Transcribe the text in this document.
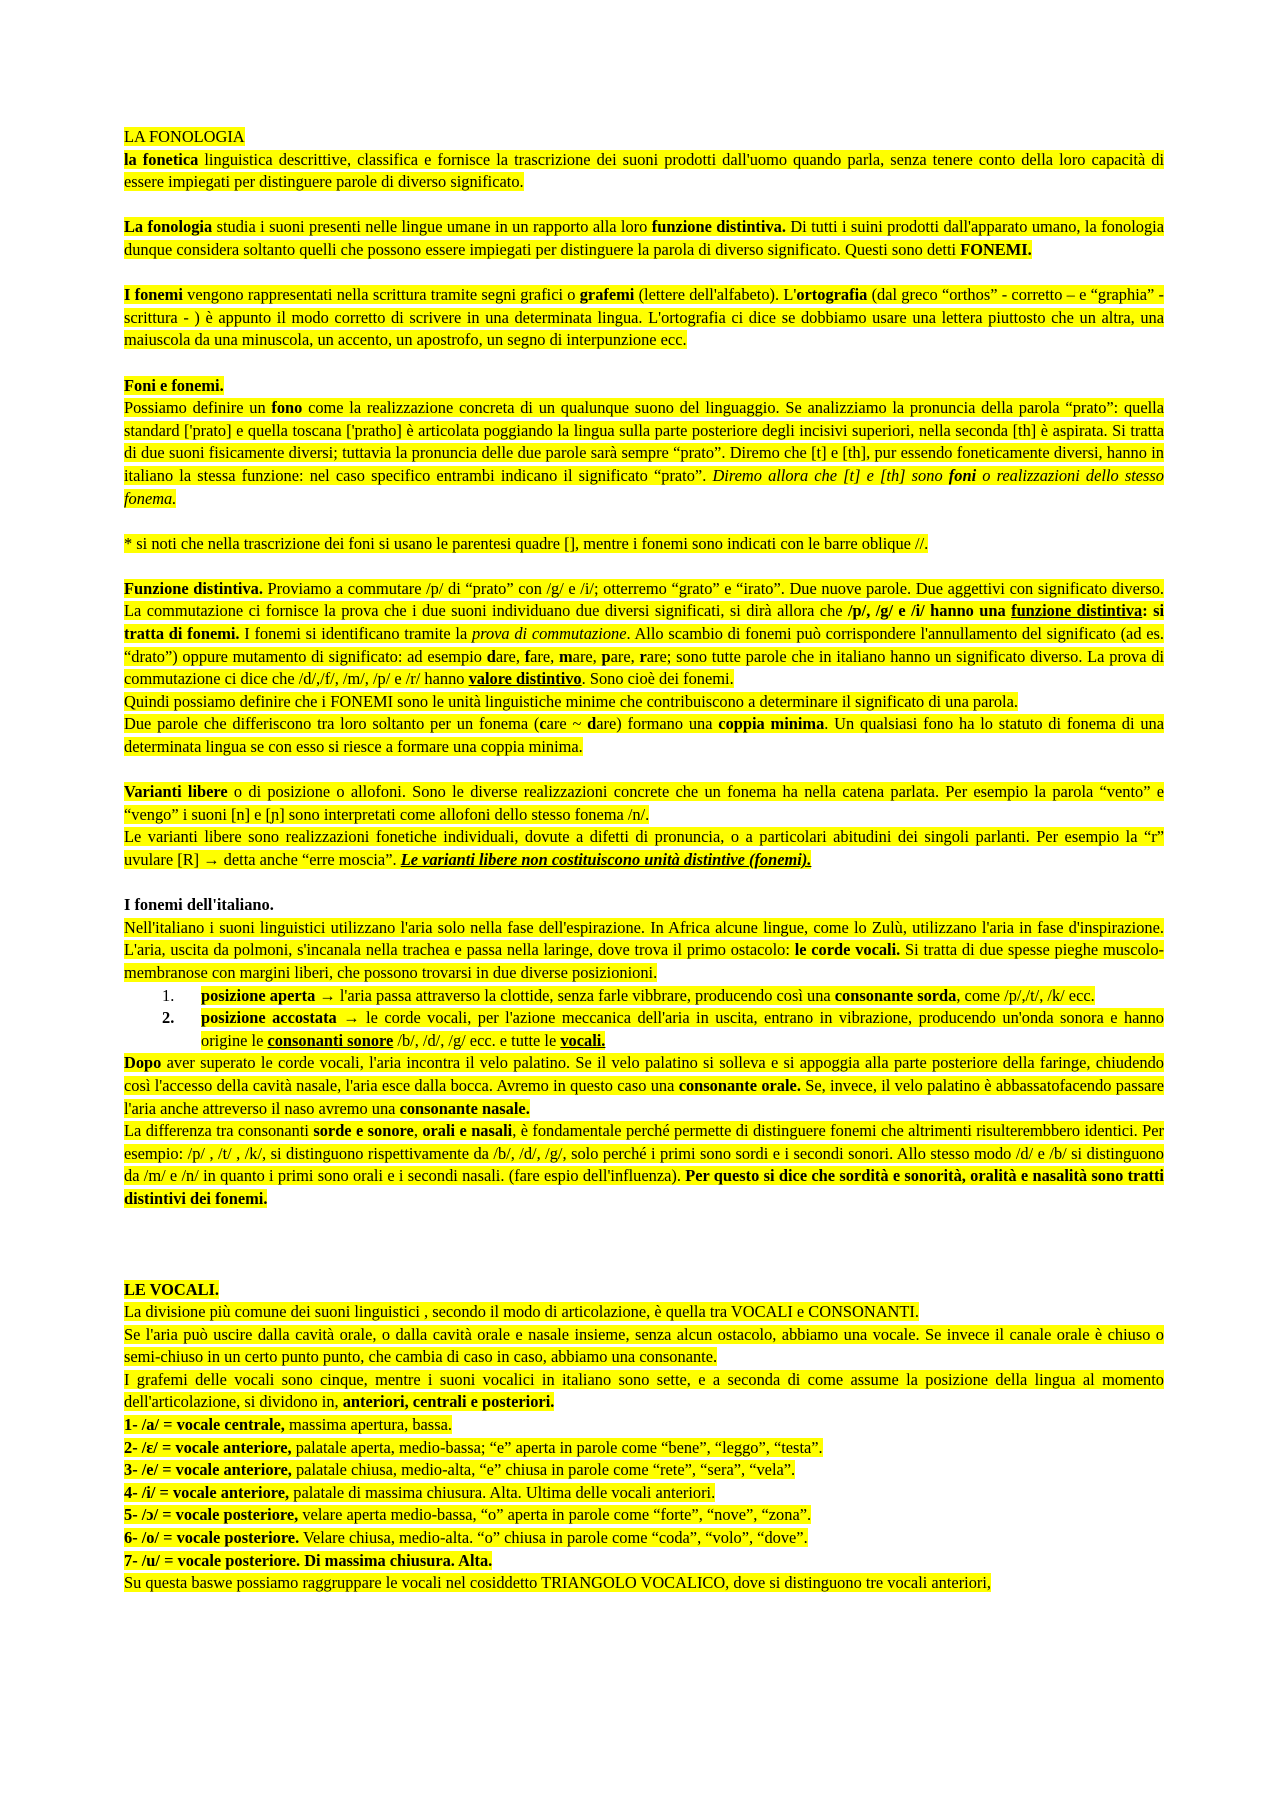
LA FONOLOGIA

la fonetica linguistica descrittive, classifica e fornisce la trascrizione dei suoni prodotti dall'uomo quando parla, senza tenere conto della loro capacità di essere impiegati per distinguere parole di diverso significato.

La fonologia studia i suoni presenti nelle lingue umane in un rapporto alla loro funzione distintiva. Di tutti i suini prodotti dall'apparato umano, la fonologia dunque considera soltanto quelli che possono essere impiegati per distinguere la parola di diverso significato. Questi sono detti FONEMI.

I fonemi vengono rappresentati nella scrittura tramite segni grafici o grafemi (lettere dell'alfabeto). L'ortografia (dal greco “orthos” - corretto – e “graphia” - scrittura - ) è appunto il modo corretto di scrivere in una determinata lingua. L'ortografia ci dice se dobbiamo usare una lettera piuttosto che un altra, una maiuscola da una minuscola, un accento, un apostrofo, un segno di interpunzione ecc.

Foni e fonemi.

Possiamo definire un fono come la realizzazione concreta di un qualunque suono del linguaggio. Se analizziamo la pronuncia della parola “prato”: quella standard ['prato] e quella toscana ['pratho] è articolata poggiando la lingua sulla parte posteriore degli incisivi superiori, nella seconda [th] è aspirata. Si tratta di due suoni fisicamente diversi; tuttavia la pronuncia delle due parole sarà sempre “prato”. Diremo che [t] e [th], pur essendo foneticamente diversi, hanno in italiano la stessa funzione: nel caso specifico entrambi indicano il significato “prato”. Diremo allora che [t] e [th] sono foni o realizzazioni dello stesso fonema.

* si noti che nella trascrizione dei foni si usano le parentesi quadre [], mentre i fonemi sono indicati con le barre oblique //.

Funzione distintiva. Proviamo a commutare /p/ di “prato” con /g/ e /i/; otterremo “grato” e “irato”. Due nuove parole. Due aggettivi con significato diverso. La commutazione ci fornisce la prova che i due suoni individuano due diversi significati, si dirà allora che /p/, /g/ e /i/ hanno una funzione distintiva: si tratta di fonemi. I fonemi si identificano tramite la prova di commutazione. Allo scambio di fonemi può corrispondere l'annullamento del significato (ad es. “drato”) oppure mutamento di significato: ad esempio dare, fare, mare, pare, rare; sono tutte parole che in italiano hanno un significato diverso. La prova di commutazione ci dice che /d/,/f/, /m/, /p/ e /r/ hanno valore distintivo. Sono cioè dei fonemi.

Quindi possiamo definire che i FONEMI sono le unità linguistiche minime che contribuiscono a determinare il significato di una parola.

Due parole che differiscono tra loro soltanto per un fonema (care ~ dare) formano una coppia minima. Un qualsiasi fono ha lo statuto di fonema di una determinata lingua se con esso si riesce a formare una coppia minima.

Varianti libere o di posizione o allofoni. Sono le diverse realizzazioni concrete che un fonema ha nella catena parlata. Per esempio la parola “vento” e “vengo” i suoni [n] e [ɲ] sono interpretati come allofoni dello stesso fonema /n/.

Le varianti libere sono realizzazioni fonetiche individuali, dovute a difetti di pronuncia, o a particolari abitudini dei singoli parlanti. Per esempio la “r” uvulare [R] → detta anche “erre moscia”. Le varianti libere non costituiscono unità distintive (fonemi).

I fonemi dell'italiano.

Nell'italiano i suoni linguistici utilizzano l'aria solo nella fase dell'espirazione. In Africa alcune lingue, come lo Zulù, utilizzano l'aria in fase d'inspirazione. L'aria, uscita da polmoni, s'incanala nella trachea e passa nella laringe, dove trova il primo ostacolo: le corde vocali. Si tratta di due spesse pieghe muscolo-membranose con margini liberi, che possono trovarsi in due diverse posizionioni.

1. posizione aperta → l'aria passa attraverso la clottide, senza farle vibbrare, producendo così una consonante sorda, come /p/,/t/, /k/ ecc.
2. posizione accostata → le corde vocali, per l'azione meccanica dell'aria in uscita, entrano in vibrazione, producendo un'onda sonora e hanno origine le consonanti sonore /b/, /d/, /g/ ecc. e tutte le vocali.

Dopo aver superato le corde vocali, l'aria incontra il velo palatino. Se il velo palatino si solleva e si appoggia alla parte posteriore della faringe, chiudendo così l'accesso della cavità nasale, l'aria esce dalla bocca. Avremo in questo caso una consonante orale. Se, invece, il velo palatino è abbassatofacendo passare l'aria anche attreverso il naso avremo una consonante nasale.

La differenza tra consonanti sorde e sonore, orali e nasali, è fondamentale perché permette di distinguere fonemi che altrimenti risulterembbero identici. Per esempio: /p/ , /t/ , /k/, si distinguono rispettivamente da /b/, /d/, /g/, solo perché i primi sono sordi e i secondi sonori. Allo stesso modo /d/ e /b/ si distinguono da /m/ e /n/ in quanto i primi sono orali e i secondi nasali. (fare espio dell'influenza). Per questo si dice che sordità e sonorità, oralità e nasalità sono tratti distintivi dei fonemi.

LE VOCALI.

La divisione più comune dei suoni linguistici , secondo il modo di articolazione, è quella tra VOCALI e CONSONANTI.

Se l'aria può uscire dalla cavità orale, o dalla cavità orale e nasale insieme, senza alcun ostacolo, abbiamo una vocale. Se invece il canale orale è chiuso o semi-chiuso in un certo punto punto, che cambia di caso in caso, abbiamo una consonante.

I grafemi delle vocali sono cinque, mentre i suoni vocalici in italiano sono sette, e a seconda di come assume la posizione della lingua al momento dell'articolazione, si dividono in, anteriori, centrali e posteriori.

1- /a/ = vocale centrale, massima apertura, bassa.

2- /ɛ/ = vocale anteriore, palatale aperta, medio-bassa; “e” aperta in parole come “bene”, “leggo”, “testa”.

3- /e/ = vocale anteriore, palatale chiusa, medio-alta, “e” chiusa in parole come “rete”, “sera”, “vela”.

4- /i/ = vocale anteriore, palatale di massima chiusura. Alta. Ultima delle vocali anteriori.

5- /ɔ/ = vocale posteriore, velare aperta medio-bassa, “o” aperta in parole come “forte”, “nove”, “zona”.

6- /o/ = vocale posteriore. Velare chiusa, medio-alta. “o” chiusa in parole come “coda”, “volo”, “dove”.

7- /u/ = vocale posteriore. Di massima chiusura. Alta.

Su questa baswe possiamo raggruppare le vocali nel cosiddetto TRIANGOLO VOCALICO, dove si distinguono tre vocali anteriori,
